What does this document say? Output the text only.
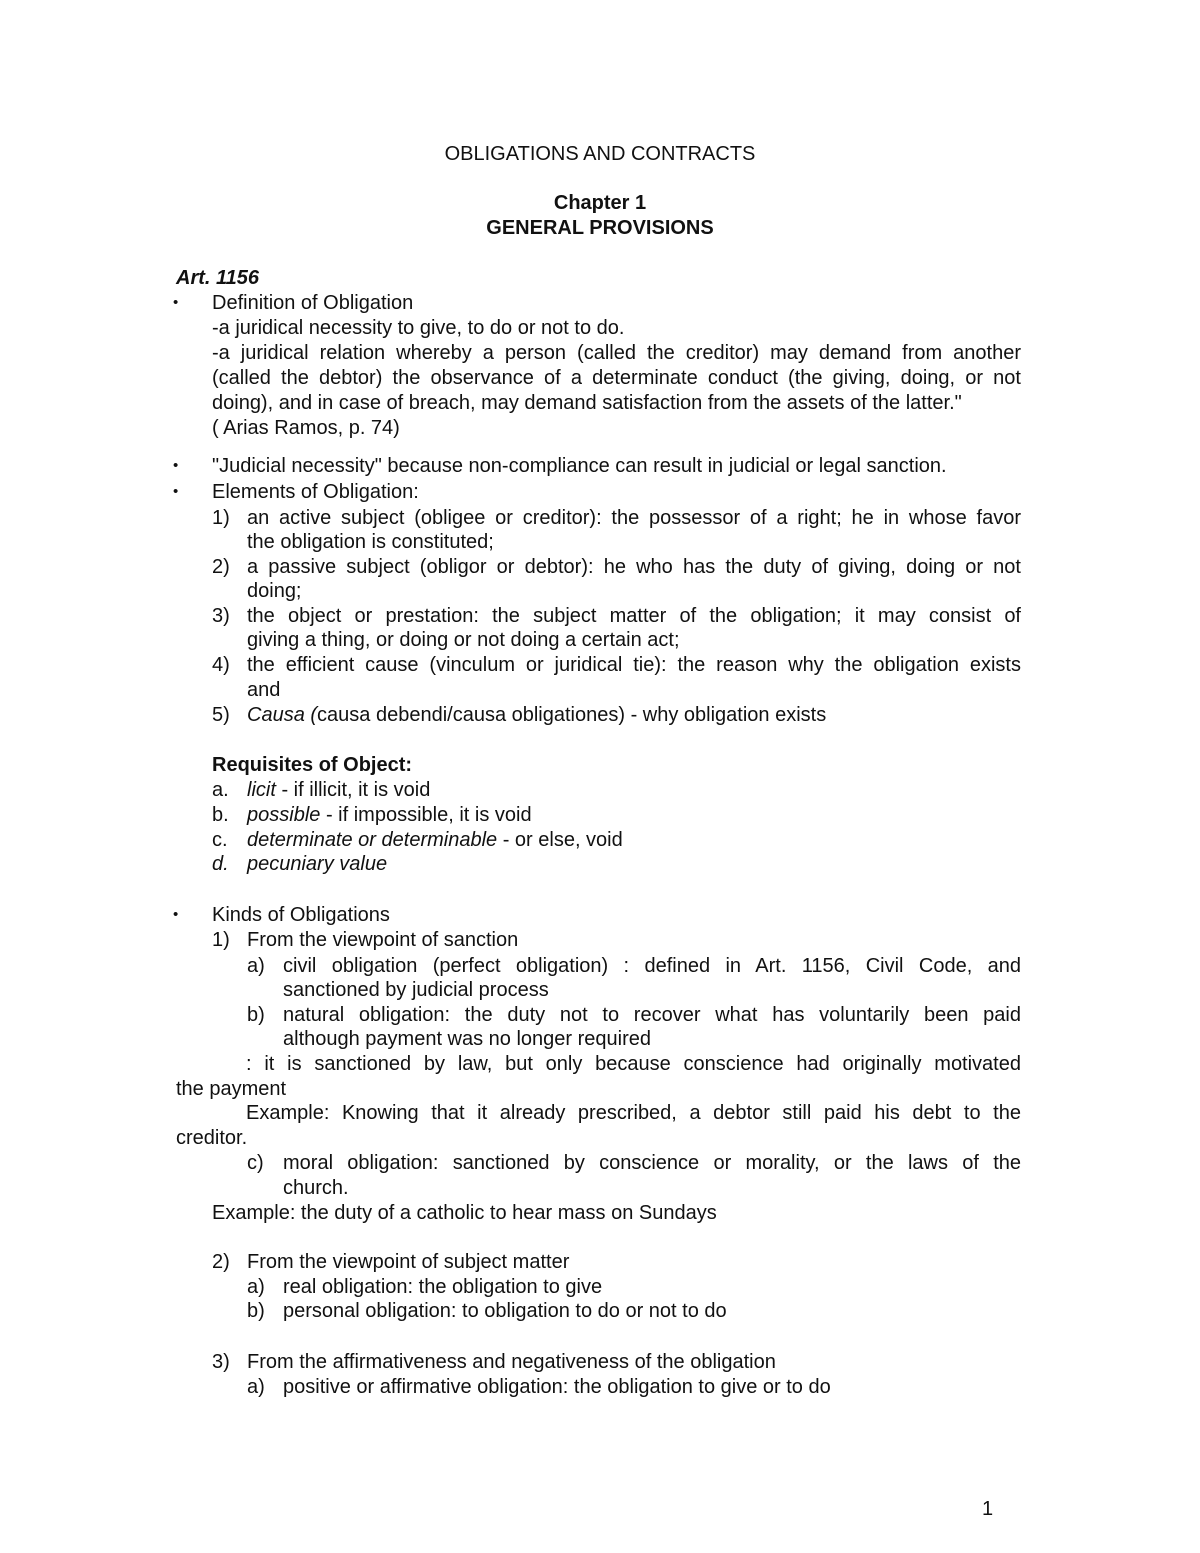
OBLIGATIONS AND CONTRACTS
Chapter 1
GENERAL PROVISIONS
Art. 1156
• Definition of Obligation
-a juridical necessity to give, to do or not to do.
-a juridical relation whereby a person (called the creditor) may demand from another
(called the debtor) the observance of a determinate conduct (the giving, doing, or not
doing), and in case of breach, may demand satisfaction from the assets of the latter."
( Arias Ramos, p. 74)
• "Judicial necessity" because non-compliance can result in judicial or legal sanction.
• Elements of Obligation:
1) an active subject (obligee or creditor): the possessor of a right; he in whose favor
the obligation is constituted;
2) a passive subject (obligor or debtor): he who has the duty of giving, doing or not
doing;
3) the object or prestation: the subject matter of the obligation; it may consist of
giving a thing, or doing or not doing a certain act;
4) the efficient cause (vinculum or juridical tie): the reason why the obligation exists
and
5) Causa (causa debendi/causa obligationes) - why obligation exists
Requisites of Object:
a. licit - if illicit, it is void
b. possible - if impossible, it is void
c. determinate or determinable - or else, void
d. pecuniary value
• Kinds of Obligations
1) From the viewpoint of sanction
a) civil obligation (perfect obligation) : defined in Art. 1156, Civil Code, and
sanctioned by judicial process
b) natural obligation: the duty not to recover what has voluntarily been paid
although payment was no longer required
: it is sanctioned by law, but only because conscience had originally motivated
the payment
Example: Knowing that it already prescribed, a debtor still paid his debt to the
creditor.
c) moral obligation: sanctioned by conscience or morality, or the laws of the
church.
Example: the duty of a catholic to hear mass on Sundays
2) From the viewpoint of subject matter
a) real obligation: the obligation to give
b) personal obligation: to obligation to do or not to do
3) From the affirmativeness and negativeness of the obligation
a) positive or affirmative obligation: the obligation to give or to do
1
